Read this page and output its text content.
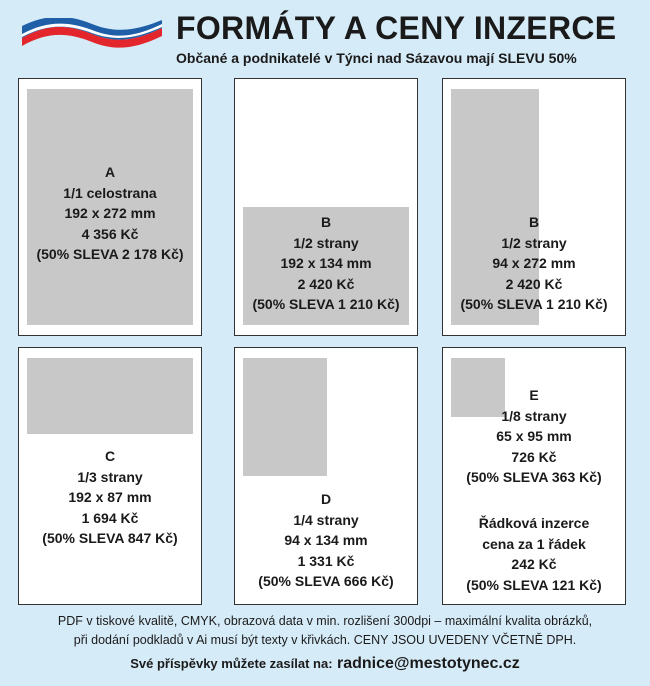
FORMÁTY A CENY INZERCE
Občané a podnikatelé v Týnci nad Sázavou mají SLEVU 50%
A
1/1 celostrana
192 x 272 mm
4 356 Kč
(50% SLEVA 2 178 Kč)
B
1/2 strany
192 x 134 mm
2 420 Kč
(50% SLEVA 1 210 Kč)
B
1/2 strany
94 x 272 mm
2 420 Kč
(50% SLEVA 1 210 Kč)
C
1/3 strany
192 x 87 mm
1 694 Kč
(50% SLEVA 847 Kč)
D
1/4 strany
94 x 134 mm
1 331 Kč
(50% SLEVA 666 Kč)
E
1/8 strany
65 x 95 mm
726 Kč
(50% SLEVA 363 Kč)
Řádková inzerce
cena za 1 řádek
242 Kč
(50% SLEVA 121 Kč)
PDF v tiskové kvalitě, CMYK, obrazová data v min. rozlišení 300dpi – maximální kvalita obrázků,
při dodání podkladů v Ai musí být texty v křivkách. CENY JSOU UVEDENY VČETNĚ DPH.
Své příspěvky můžete zasílat na: radnice@mestotynec.cz
